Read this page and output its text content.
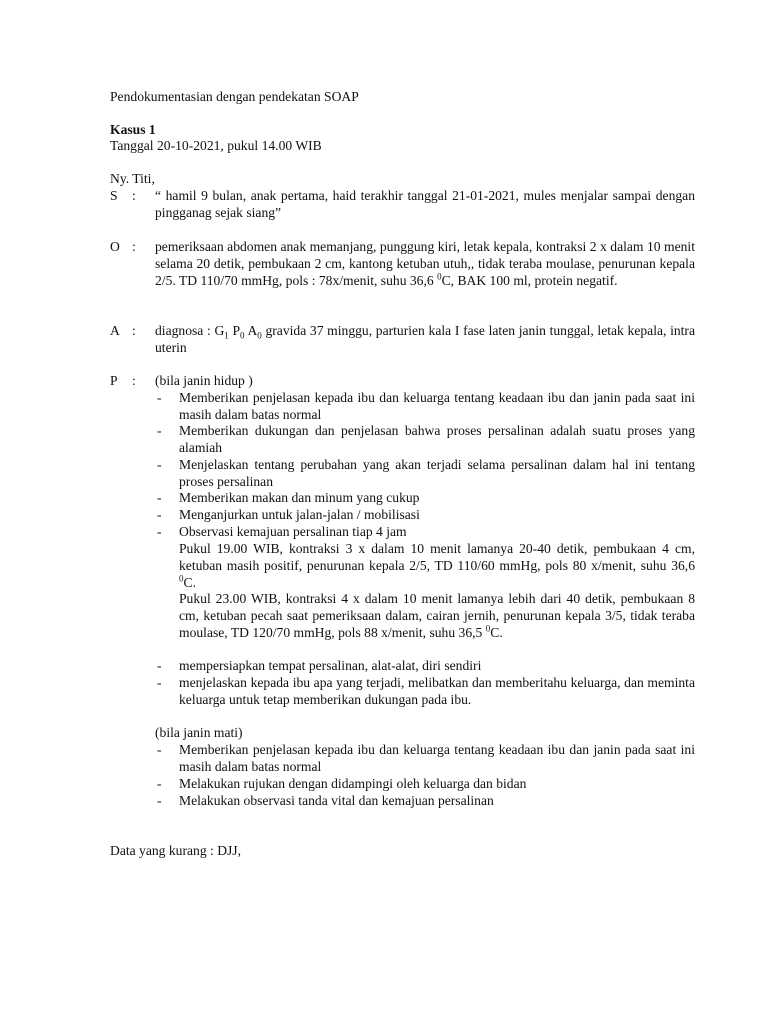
Pendokumentasian dengan pendekatan SOAP
Kasus 1
Tanggal 20-10-2021, pukul 14.00 WIB
Ny. Titi,
S : “ hamil 9 bulan, anak pertama, haid terakhir tanggal 21-01-2021, mules menjalar sampai dengan pingganag sejak siang”
O : pemeriksaan abdomen anak memanjang, punggung kiri, letak kepala, kontraksi 2 x dalam 10 menit selama 20 detik, pembukaan 2 cm, kantong ketuban utuh,, tidak teraba moulase, penurunan kepala 2/5. TD 110/70 mmHg, pols : 78x/menit, suhu 36,6 $^0$C, BAK 100 ml, protein negatif.
A : diagnosa : $G_1$ $P_0$ $A_0$ gravida 37 minggu, parturien kala I fase laten janin tunggal, letak kepala, intra uterin
P : (bila janin hidup )
- Memberikan penjelasan kepada ibu dan keluarga tentang keadaan ibu dan janin pada saat ini masih dalam batas normal
- Memberikan dukungan dan penjelasan bahwa proses persalinan adalah suatu proses yang alamiah
- Menjelaskan tentang perubahan yang akan terjadi selama persalinan dalam hal ini tentang proses persalinan
- Memberikan makan dan minum yang cukup
- Menganjurkan untuk jalan-jalan / mobilisasi
- Observasi kemajuan persalinan tiap 4 jam
Pukul 19.00 WIB, kontraksi 3 x dalam 10 menit lamanya 20-40 detik, pembukaan 4 cm, ketuban masih positif, penurunan kepala 2/5, TD 110/60 mmHg, pols 80 x/menit, suhu 36,6 $^0$C.
Pukul 23.00 WIB, kontraksi 4 x dalam 10 menit lamanya lebih dari 40 detik, pembukaan 8 cm, ketuban pecah saat pemeriksaan dalam, cairan jernih, penurunan kepala 3/5, tidak teraba moulase, TD 120/70 mmHg, pols 88 x/menit, suhu 36,5 $^0$C.
- mempersiapkan tempat persalinan, alat-alat, diri sendiri
- menjelaskan kepada ibu apa yang terjadi, melibatkan dan memberitahu keluarga, dan meminta keluarga untuk tetap memberikan dukungan pada ibu.
(bila janin mati)
- Memberikan penjelasan kepada ibu dan keluarga tentang keadaan ibu dan janin pada saat ini masih dalam batas normal
- Melakukan rujukan dengan didampingi oleh keluarga dan bidan
- Melakukan observasi tanda vital dan kemajuan persalinan
Data yang kurang : DJJ,
